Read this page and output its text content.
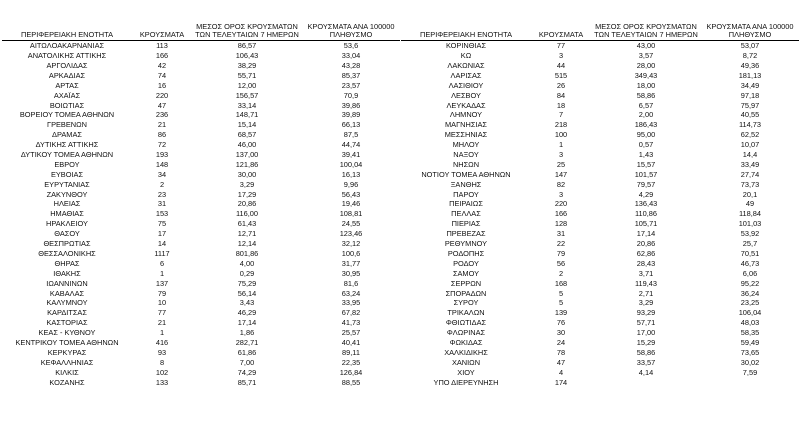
ΠΕΡΙΦΕΡΕΙΑΚΗ ΕΝΟΤΗΤΑ	ΚΡΟΥΣΜΑΤΑ
ΜΕΣΟΣ ΟΡΟΣ ΚΡΟΥΣΜΑΤΩΝ ΤΩΝ ΤΕΛΕΥΤΑΙΩΝ 7 ΗΜΕΡΩΝ
ΚΡΟΥΣΜΑΤΑ ΑΝΑ 100000 ΠΛΗΘΥΣΜΟ
ΑΙΤΩΛΟΑΚΑΡΝΑΝΙΑΣ	113	86,57	53,6
ΑΝΑΤΟΛΙΚΗΣ ΑΤΤΙΚΗΣ	166	106,43	33,04
ΑΡΓΟΛΙΔΑΣ	42	38,29	43,28
ΑΡΚΑΔΙΑΣ	74	55,71	85,37
ΑΡΤΑΣ	16	12,00	23,57
ΑΧΑΪΑΣ	220	156,57	70,9
ΒΟΙΩΤΙΑΣ	47	33,14	39,86
ΒΟΡΕΙΟΥ ΤΟΜΕΑ ΑΘΗΝΩΝ	236	148,71	39,89
ΓΡΕΒΕΝΩΝ	21	15,14	66,13
ΔΡΑΜΑΣ	86	68,57	87,5
ΔΥΤΙΚΗΣ ΑΤΤΙΚΗΣ	72	46,00	44,74
ΔΥΤΙΚΟΥ ΤΟΜΕΑ ΑΘΗΝΩΝ	193	137,00	39,41
ΕΒΡΟΥ	148	121,86	100,04
ΕΥΒΟΙΑΣ	34	30,00	16,13
ΕΥΡΥΤΑΝΙΑΣ	2	3,29	9,96
ΖΑΚΥΝΘΟΥ	23	17,29	56,43
ΗΛΕΙΑΣ	31	20,86	19,46
ΗΜΑΘΙΑΣ	153	116,00	108,81
ΗΡΑΚΛΕΙΟΥ	75	61,43	24,55
ΘΑΣΟΥ	17	12,71	123,46
ΘΕΣΠΡΩΤΙΑΣ	14	12,14	32,12
ΘΕΣΣΑΛΟΝΙΚΗΣ	1117	801,86	100,6
ΘΗΡΑΣ	6	4,00	31,77
ΙΘΑΚΗΣ	1	0,29	30,95
ΙΩΑΝΝΙΝΩΝ	137	75,29	81,6
ΚΑΒΑΛΑΣ	79	56,14	63,24
ΚΑΛΥΜΝΟΥ	10	3,43	33,95
ΚΑΡΔΙΤΣΑΣ	77	46,29	67,82
ΚΑΣΤΟΡΙΑΣ	21	17,14	41,73
ΚΕΑΣ - ΚΥΘΝΟΥ	1	1,86	25,57
ΚΕΝΤΡΙΚΟΥ ΤΟΜΕΑ ΑΘΗΝΩΝ	416	282,71	40,41
ΚΕΡΚΥΡΑΣ	93	61,86	89,11
ΚΕΦΑΛΛΗΝΙΑΣ	8	7,00	22,35
ΚΙΛΚΙΣ	102	74,29	126,84
ΚΟΖΑΝΗΣ	133	85,71	88,55
ΠΕΡΙΦΕΡΕΙΑΚΗ ΕΝΟΤΗΤΑ	ΚΡΟΥΣΜΑΤΑ
ΜΕΣΟΣ ΟΡΟΣ ΚΡΟΥΣΜΑΤΩΝ ΤΩΝ ΤΕΛΕΥΤΑΙΩΝ 7 ΗΜΕΡΩΝ
ΚΡΟΥΣΜΑΤΑ ΑΝΑ 100000 ΠΛΗΘΥΣΜΟ
ΚΟΡΙΝΘΙΑΣ	77	43,00	53,07
ΚΩ	3	3,57	8,72
ΛΑΚΩΝΙΑΣ	44	28,00	49,36
ΛΑΡΙΣΑΣ	515	349,43	181,13
ΛΑΣΙΘΙΟΥ	26	18,00	34,49
ΛΕΣΒΟΥ	84	58,86	97,18
ΛΕΥΚΑΔΑΣ	18	6,57	75,97
ΛΗΜΝΟΥ	7	2,00	40,55
ΜΑΓΝΗΣΙΑΣ	218	186,43	114,73
ΜΕΣΣΗΝΙΑΣ	100	95,00	62,52
ΜΗΛΟΥ	1	0,57	10,07
ΝΑΞΟΥ	3	1,43	14,4
ΝΗΣΩΝ	25	15,57	33,49
ΝΟΤΙΟΥ ΤΟΜΕΑ ΑΘΗΝΩΝ	147	101,57	27,74
ΞΑΝΘΗΣ	82	79,57	73,73
ΠΑΡΟΥ	3	4,29	20,1
ΠΕΙΡΑΙΩΣ	220	136,43	49
ΠΕΛΛΑΣ	166	110,86	118,84
ΠΙΕΡΙΑΣ	128	105,71	101,03
ΠΡΕΒΕΖΑΣ	31	17,14	53,92
ΡΕΘΥΜΝΟΥ	22	20,86	25,7
ΡΟΔΟΠΗΣ	79	62,86	70,51
ΡΟΔΟΥ	56	28,43	46,73
ΣΑΜΟΥ	2	3,71	6,06
ΣΕΡΡΩΝ	168	119,43	95,22
ΣΠΟΡΑΔΩΝ	5	2,71	36,24
ΣΥΡΟΥ	5	3,29	23,25
ΤΡΙΚΑΛΩΝ	139	93,29	106,04
ΦΘΙΩΤΙΔΑΣ	76	57,71	48,03
ΦΛΩΡΙΝΑΣ	30	17,00	58,35
ΦΩΚΙΔΑΣ	24	15,29	59,49
ΧΑΛΚΙΔΙΚΗΣ	78	58,86	73,65
ΧΑΝΙΩΝ	47	33,57	30,02
ΧΙΟΥ	4	4,14	7,59
ΥΠΟ ΔΙΕΡΕΥΝΗΣΗ	174
